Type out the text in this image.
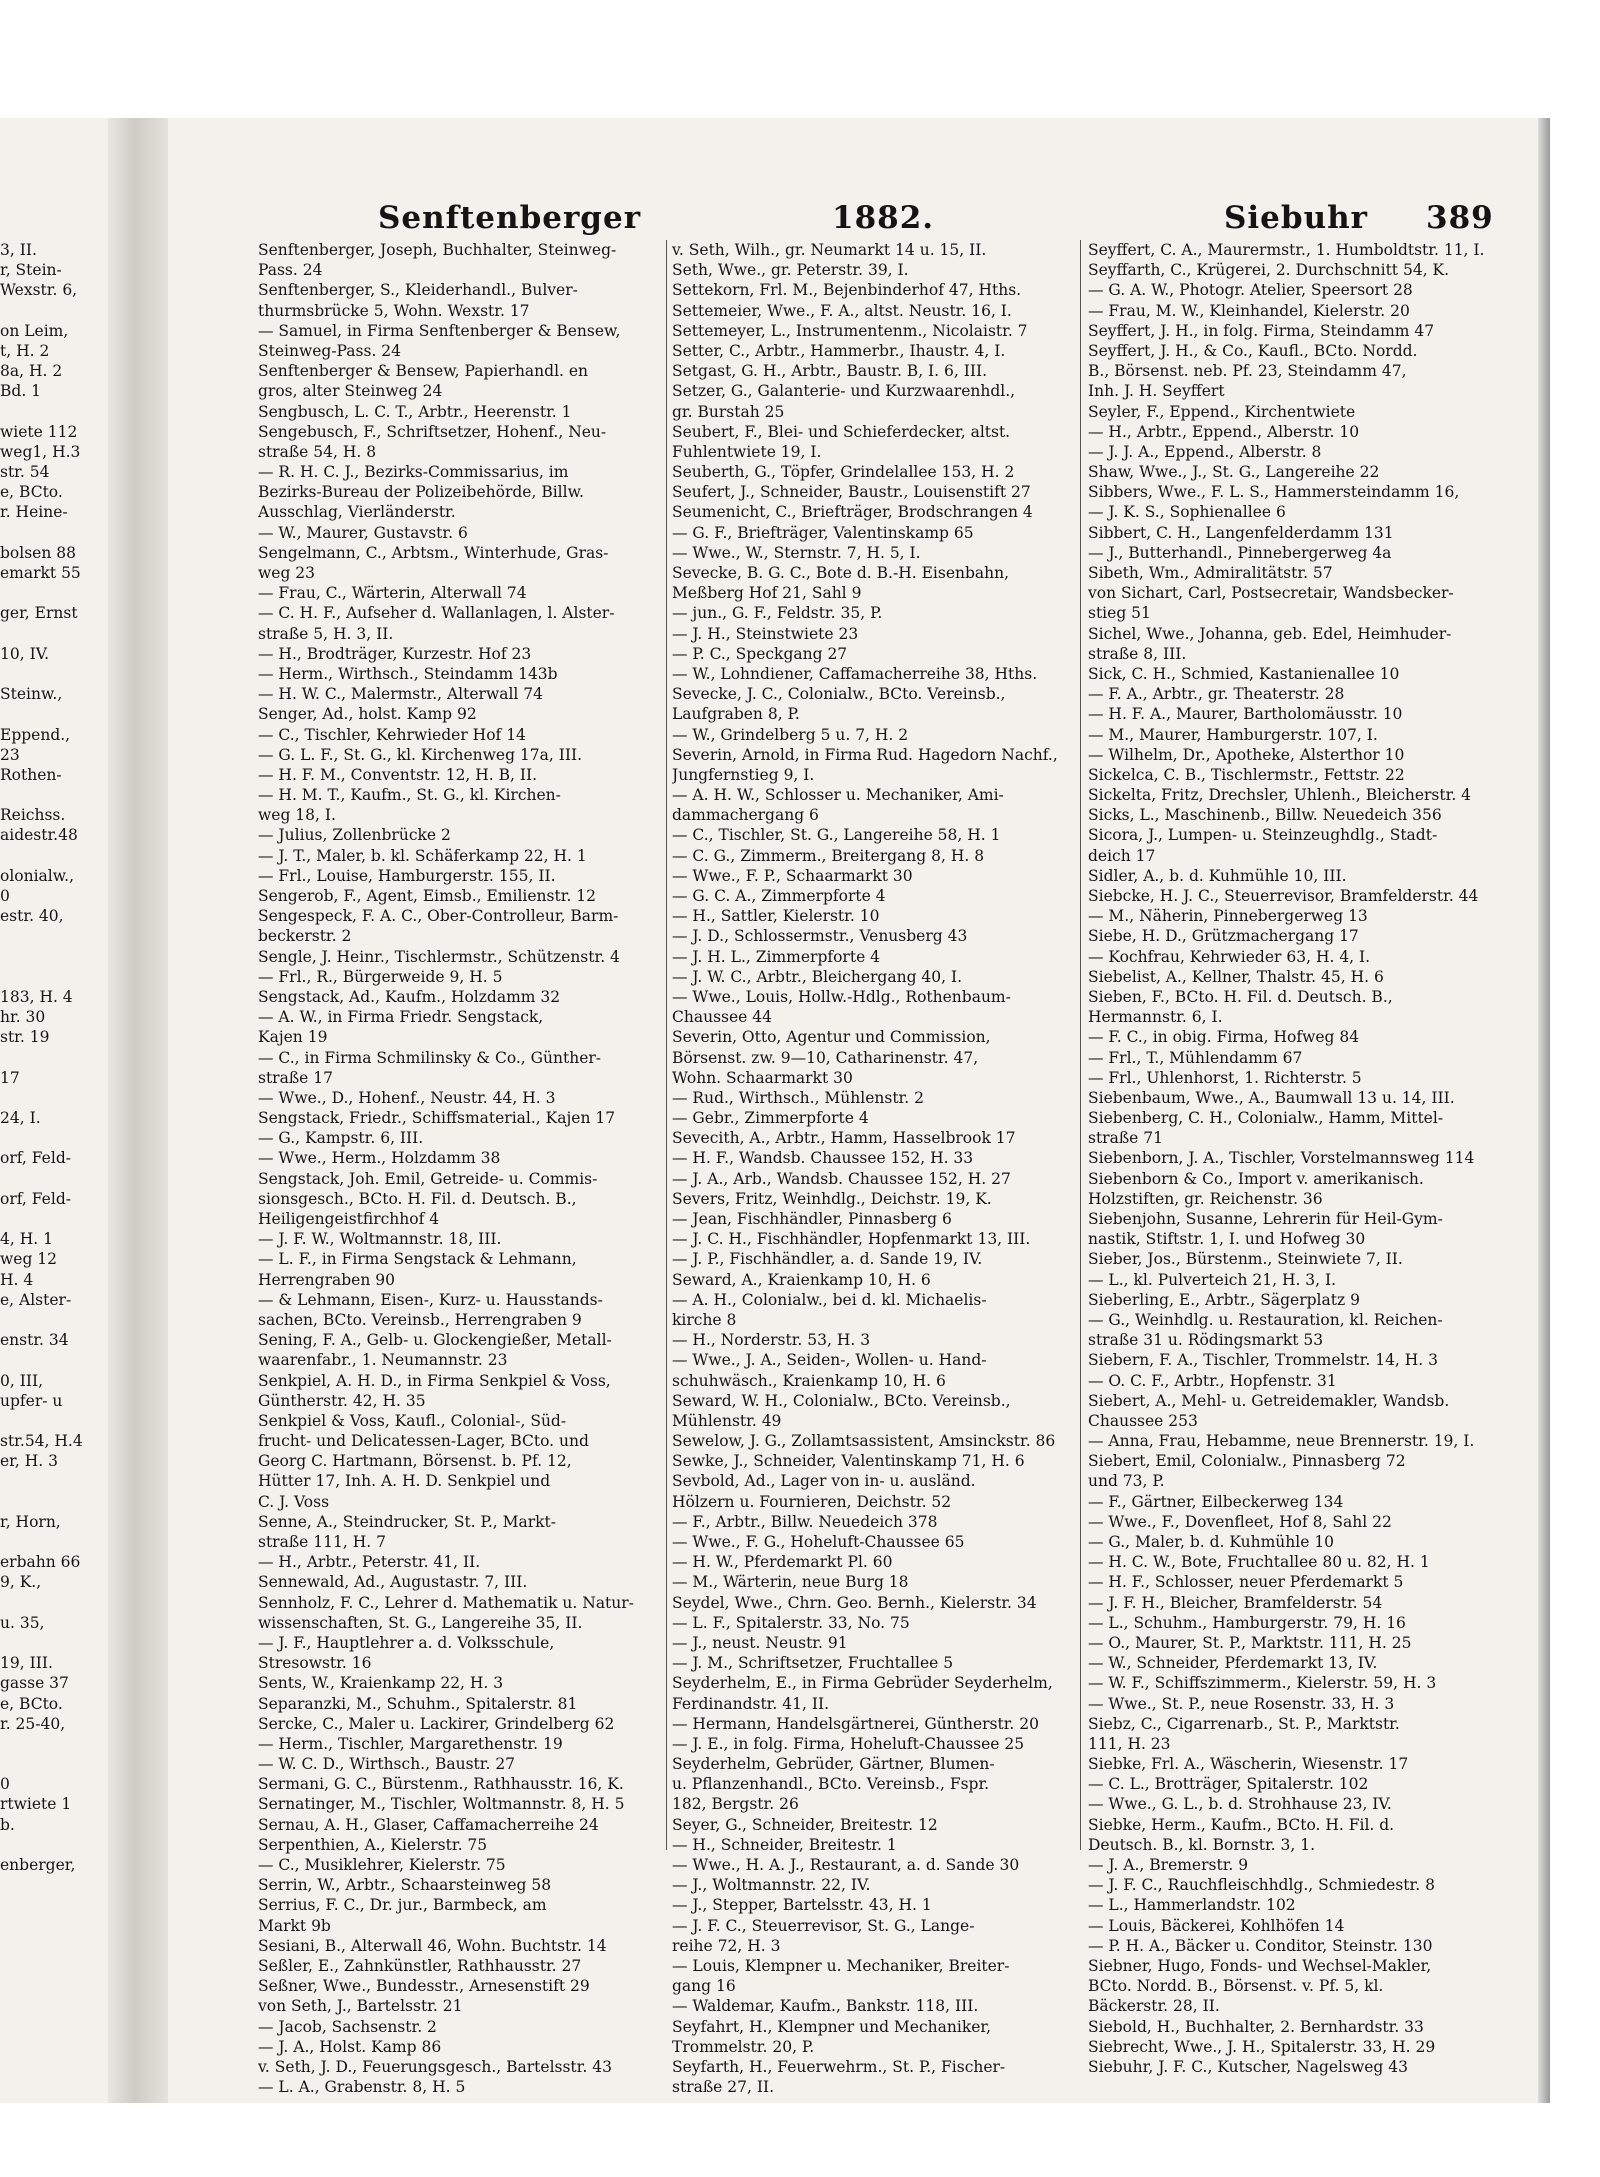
Senftenberger	1882.	Siebuhr 389
3, II.
r, Stein-
Wexstr. 6,
on Leim,
t, H. 2
8a, H. 2
Bd. 1
wiete 112
weg1, H.3
str. 54
e, BCto.
r. Heine-
bolsen 88
emarkt 55
ger, Ernst
10, IV.
Steinw.,
Eppend.,
23
Rothen-
Reichss.
aidestr.48
olonialw.,
0
estr. 40,
183, H. 4
hr. 30
str. 19
17
24, I.
orf, Feld-
orf, Feld-
4, H. 1
weg 12
H. 4
e, Alster-
enstr. 34
0, III,
upfer- u
str.54, H.4
er, H. 3
r, Horn,
erbahn 66
9, K.,
u. 35,
19, III.
gasse 37
e, BCto.
r. 25-40,
0
rtwiete 1
b.
enberger,
Senftenberger, Joseph, Buchhalter, Steinweg-
Pass. 24
Senftenberger, S., Kleiderhandl., Bulver-
thurmsbrücke 5, Wohn. Wexstr. 17
— Samuel, in Firma Senftenberger & Bensew,
Steinweg-Pass. 24
Senftenberger & Bensew, Papierhandl. en
gros, alter Steinweg 24
Sengbusch, L. C. T., Arbtr., Heerenstr. 1
Sengebusch, F., Schriftsetzer, Hohenf., Neu-
straße 54, H. 8
— R. H. C. J., Bezirks-Commissarius, im
Bezirks-Bureau der Polizeibehörde, Billw.
Ausschlag, Vierländerstr.
— W., Maurer, Gustavstr. 6
Sengelmann, C., Arbtsm., Winterhude, Gras-
weg 23
— Frau, C., Wärterin, Alterwall 74
— C. H. F., Aufseher d. Wallanlagen, l. Alster-
straße 5, H. 3, II.
— H., Brodträger, Kurzestr. Hof 23
— Herm., Wirthsch., Steindamm 143b
— H. W. C., Malermstr., Alterwall 74
Senger, Ad., holst. Kamp 92
— C., Tischler, Kehrwieder Hof 14
— G. L. F., St. G., kl. Kirchenweg 17a, III.
— H. F. M., Conventstr. 12, H. B, II.
— H. M. T., Kaufm., St. G., kl. Kirchen-
weg 18, I.
— Julius, Zollenbrücke 2
— J. T., Maler, b. kl. Schäferkamp 22, H. 1
— Frl., Louise, Hamburgerstr. 155, II.
Sengerob, F., Agent, Eimsb., Emilienstr. 12
Sengespeck, F. A. C., Ober-Controlleur, Barm-
beckerstr. 2
Sengle, J. Heinr., Tischlermstr., Schützenstr. 4
— Frl., R., Bürgerweide 9, H. 5
Sengstack, Ad., Kaufm., Holzdamm 32
— A. W., in Firma Friedr. Sengstack,
Kajen 19
— C., in Firma Schmilinsky & Co., Günther-
straße 17
— Wwe., D., Hohenf., Neustr. 44, H. 3
Sengstack, Friedr., Schiffsmaterial., Kajen 17
— G., Kampstr. 6, III.
— Wwe., Herm., Holzdamm 38
Sengstack, Joh. Emil, Getreide- u. Commis-
sionsgesch., BCto. H. Fil. d. Deutsch. B.,
Heiligengeistfirchhof 4
— J. F. W., Woltmannstr. 18, III.
— L. F., in Firma Sengstack & Lehmann,
Herrengraben 90
— & Lehmann, Eisen-, Kurz- u. Hausstands-
sachen, BCto. Vereinsb., Herrengraben 9
Sening, F. A., Gelb- u. Glockengießer, Metall-
waarenfabr., 1. Neumannstr. 23
Senkpiel, A. H. D., in Firma Senkpiel & Voss,
Güntherstr. 42, H. 35
Senkpiel & Voss, Kaufl., Colonial-, Süd-
frucht- und Delicatessen-Lager, BCto. und
Georg C. Hartmann, Börsenst. b. Pf. 12,
Hütter 17, Inh. A. H. D. Senkpiel und
C. J. Voss
Senne, A., Steindrucker, St. P., Markt-
straße 111, H. 7
— H., Arbtr., Peterstr. 41, II.
Sennewald, Ad., Augustastr. 7, III.
Sennholz, F. C., Lehrer d. Mathematik u. Natur-
wissenschaften, St. G., Langereihe 35, II.
— J. F., Hauptlehrer a. d. Volksschule,
Stresowstr. 16
Sents, W., Kraienkamp 22, H. 3
Separanzki, M., Schuhm., Spitalerstr. 81
Sercke, C., Maler u. Lackirer, Grindelberg 62
— Herm., Tischler, Margarethenstr. 19
— W. C. D., Wirthsch., Baustr. 27
Sermani, G. C., Bürstenm., Rathhausstr. 16, K.
Sernatinger, M., Tischler, Woltmannstr. 8, H. 5
Sernau, A. H., Glaser, Caffamacherreihe 24
Serpenthien, A., Kielerstr. 75
— C., Musiklehrer, Kielerstr. 75
Serrin, W., Arbtr., Schaarsteinweg 58
Serrius, F. C., Dr. jur., Barmbeck, am
Markt 9b
Sesiani, B., Alterwall 46, Wohn. Buchtstr. 14
Seßler, E., Zahnkünstler, Rathhausstr. 27
Seßner, Wwe., Bundesstr., Arnesenstift 29
von Seth, J., Bartelsstr. 21
— Jacob, Sachsenstr. 2
— J. A., Holst. Kamp 86
v. Seth, J. D., Feuerungsgesch., Bartelsstr. 43
— L. A., Grabenstr. 8, H. 5
v. Seth, Wilh., gr. Neumarkt 14 u. 15, II.
Seth, Wwe., gr. Peterstr. 39, I.
Settekorn, Frl. M., Bejenbinderhof 47, Hths.
Settemeier, Wwe., F. A., altst. Neustr. 16, I.
Settemeyer, L., Instrumentenm., Nicolaistr. 7
Setter, C., Arbtr., Hammerbr., Ihaustr. 4, I.
Setgast, G. H., Arbtr., Baustr. B, I. 6, III.
Setzer, G., Galanterie- und Kurzwaarenhdl.,
gr. Burstah 25
Seubert, F., Blei- und Schieferdecker, altst.
Fuhlentwiete 19, I.
Seuberth, G., Töpfer, Grindelallee 153, H. 2
Seufert, J., Schneider, Baustr., Louisenstift 27
Seumenicht, C., Briefträger, Brodschrangen 4
— G. F., Briefträger, Valentinskamp 65
— Wwe., W., Sternstr. 7, H. 5, I.
Sevecke, B. G. C., Bote d. B.-H. Eisenbahn,
Meßberg Hof 21, Sahl 9
— jun., G. F., Feldstr. 35, P.
— J. H., Steinstwiete 23
— P. C., Speckgang 27
— W., Lohndiener, Caffamacherreihe 38, Hths.
Sevecke, J. C., Colonialw., BCto. Vereinsb.,
Laufgraben 8, P.
— W., Grindelberg 5 u. 7, H. 2
Severin, Arnold, in Firma Rud. Hagedorn Nachf.,
Jungfernstieg 9, I.
— A. H. W., Schlosser u. Mechaniker, Ami-
dammachergang 6
— C., Tischler, St. G., Langereihe 58, H. 1
— C. G., Zimmerm., Breitergang 8, H. 8
— Wwe., F. P., Schaarmarkt 30
— G. C. A., Zimmerpforte 4
— H., Sattler, Kielerstr. 10
— J. D., Schlossermstr., Venusberg 43
— J. H. L., Zimmerpforte 4
— J. W. C., Arbtr., Bleichergang 40, I.
— Wwe., Louis, Hollw.-Hdlg., Rothenbaum-
Chaussee 44
Severin, Otto, Agentur und Commission,
Börsenst. zw. 9—10, Catharinenstr. 47,
Wohn. Schaarmarkt 30
— Rud., Wirthsch., Mühlenstr. 2
— Gebr., Zimmerpforte 4
Sevecith, A., Arbtr., Hamm, Hasselbrook 17
— H. F., Wandsb. Chaussee 152, H. 33
— J. A., Arb., Wandsb. Chaussee 152, H. 27
Severs, Fritz, Weinhdlg., Deichstr. 19, K.
— Jean, Fischhändler, Pinnasberg 6
— J. C. H., Fischhändler, Hopfenmarkt 13, III.
— J. P., Fischhändler, a. d. Sande 19, IV.
Seward, A., Kraienkamp 10, H. 6
— A. H., Colonialw., bei d. kl. Michaelis-
kirche 8
— H., Norderstr. 53, H. 3
— Wwe., J. A., Seiden-, Wollen- u. Hand-
schuhwäsch., Kraienkamp 10, H. 6
Seward, W. H., Colonialw., BCto. Vereinsb.,
Mühlenstr. 49
Sewelow, J. G., Zollamtsassistent, Amsinckstr. 86
Sewke, J., Schneider, Valentinskamp 71, H. 6
Sevbold, Ad., Lager von in- u. ausländ.
Hölzern u. Fournieren, Deichstr. 52
— F., Arbtr., Billw. Neuedeich 378
— Wwe., F. G., Hoheluft-Chaussee 65
— H. W., Pferdemarkt Pl. 60
— M., Wärterin, neue Burg 18
Seydel, Wwe., Chrn. Geo. Bernh., Kielerstr. 34
— L. F., Spitalerstr. 33, No. 75
— J., neust. Neustr. 91
— J. M., Schriftsetzer, Fruchtallee 5
Seyderhelm, E., in Firma Gebrüder Seyderhelm,
Ferdinandstr. 41, II.
— Hermann, Handelsgärtnerei, Güntherstr. 20
— J. E., in folg. Firma, Hoheluft-Chaussee 25
Seyderhelm, Gebrüder, Gärtner, Blumen-
u. Pflanzenhandl., BCto. Vereinsb., Fspr.
182, Bergstr. 26
Seyer, G., Schneider, Breitestr. 12
— H., Schneider, Breitestr. 1
— Wwe., H. A. J., Restaurant, a. d. Sande 30
— J., Woltmannstr. 22, IV.
— J., Stepper, Bartelsstr. 43, H. 1
— J. F. C., Steuerrevisor, St. G., Lange-
reihe 72, H. 3
— Louis, Klempner u. Mechaniker, Breiter-
gang 16
— Waldemar, Kaufm., Bankstr. 118, III.
Seyfahrt, H., Klempner und Mechaniker,
Trommelstr. 20, P.
Seyfarth, H., Feuerwehrm., St. P., Fischer-
straße 27, II.
Seyffert, C. A., Maurermstr., 1. Humboldtstr. 11, I.
Seyffarth, C., Krügerei, 2. Durchschnitt 54, K.
— G. A. W., Photogr. Atelier, Speersort 28
— Frau, M. W., Kleinhandel, Kielerstr. 20
Seyffert, J. H., in folg. Firma, Steindamm 47
Seyffert, J. H., & Co., Kaufl., BCto. Nordd.
B., Börsenst. neb. Pf. 23, Steindamm 47,
Inh. J. H. Seyffert
Seyler, F., Eppend., Kirchentwiete
— H., Arbtr., Eppend., Alberstr. 10
— J. J. A., Eppend., Alberstr. 8
Shaw, Wwe., J., St. G., Langereihe 22
Sibbers, Wwe., F. L. S., Hammersteindamm 16,
— J. K. S., Sophienallee 6
Sibbert, C. H., Langenfelderdamm 131
— J., Butterhandl., Pinnebergerweg 4a
Sibeth, Wm., Admiralitätstr. 57
von Sichart, Carl, Postsecretair, Wandsbecker-
stieg 51
Sichel, Wwe., Johanna, geb. Edel, Heimhuder-
straße 8, III.
Sick, C. H., Schmied, Kastanienallee 10
— F. A., Arbtr., gr. Theaterstr. 28
— H. F. A., Maurer, Bartholomäusstr. 10
— M., Maurer, Hamburgerstr. 107, I.
— Wilhelm, Dr., Apotheke, Alsterthor 10
Sickelca, C. B., Tischlermstr., Fettstr. 22
Sickelta, Fritz, Drechsler, Uhlenh., Bleicherstr. 4
Sicks, L., Maschinenb., Billw. Neuedeich 356
Sicora, J., Lumpen- u. Steinzeughdlg., Stadt-
deich 17
Sidler, A., b. d. Kuhmühle 10, III.
Siebcke, H. J. C., Steuerrevisor, Bramfelderstr. 44
— M., Näherin, Pinnebergerweg 13
Siebe, H. D., Grützmachergang 17
— Kochfrau, Kehrwieder 63, H. 4, I.
Siebelist, A., Kellner, Thalstr. 45, H. 6
Sieben, F., BCto. H. Fil. d. Deutsch. B.,
Hermannstr. 6, I.
— F. C., in obig. Firma, Hofweg 84
— Frl., T., Mühlendamm 67
— Frl., Uhlenhorst, 1. Richterstr. 5
Siebenbaum, Wwe., A., Baumwall 13 u. 14, III.
Siebenberg, C. H., Colonialw., Hamm, Mittel-
straße 71
Siebenborn, J. A., Tischler, Vorstelmannsweg 114
Siebenborn & Co., Import v. amerikanisch.
Holzstiften, gr. Reichenstr. 36
Siebenjohn, Susanne, Lehrerin für Heil-Gym-
nastik, Stiftstr. 1, I. und Hofweg 30
Sieber, Jos., Bürstenm., Steinwiete 7, II.
— L., kl. Pulverteich 21, H. 3, I.
Sieberling, E., Arbtr., Sägerplatz 9
— G., Weinhdlg. u. Restauration, kl. Reichen-
straße 31 u. Rödingsmarkt 53
Siebern, F. A., Tischler, Trommelstr. 14, H. 3
— O. C. F., Arbtr., Hopfenstr. 31
Siebert, A., Mehl- u. Getreidemakler, Wandsb.
Chaussee 253
— Anna, Frau, Hebamme, neue Brennerstr. 19, I.
Siebert, Emil, Colonialw., Pinnasberg 72
und 73, P.
— F., Gärtner, Eilbeckerweg 134
— Wwe., F., Dovenfleet, Hof 8, Sahl 22
— G., Maler, b. d. Kuhmühle 10
— H. C. W., Bote, Fruchtallee 80 u. 82, H. 1
— H. F., Schlosser, neuer Pferdemarkt 5
— J. F. H., Bleicher, Bramfelderstr. 54
— L., Schuhm., Hamburgerstr. 79, H. 16
— O., Maurer, St. P., Marktstr. 111, H. 25
— W., Schneider, Pferdemarkt 13, IV.
— W. F., Schiffszimmerm., Kielerstr. 59, H. 3
— Wwe., St. P., neue Rosenstr. 33, H. 3
Siebz, C., Cigarrenarb., St. P., Marktstr.
111, H. 23
Siebke, Frl. A., Wäscherin, Wiesenstr. 17
— C. L., Brotträger, Spitalerstr. 102
— Wwe., G. L., b. d. Strohhause 23, IV.
Siebke, Herm., Kaufm., BCto. H. Fil. d.
Deutsch. B., kl. Bornstr. 3, 1.
— J. A., Bremerstr. 9
— J. F. C., Rauchfleischhdlg., Schmiedestr. 8
— L., Hammerlandstr. 102
— Louis, Bäckerei, Kohlhöfen 14
— P. H. A., Bäcker u. Conditor, Steinstr. 130
Siebner, Hugo, Fonds- und Wechsel-Makler,
BCto. Nordd. B., Börsenst. v. Pf. 5, kl.
Bäckerstr. 28, II.
Siebold, H., Buchhalter, 2. Bernhardstr. 33
Siebrecht, Wwe., J. H., Spitalerstr. 33, H. 29
Siebuhr, J. F. C., Kutscher, Nagelsweg 43
